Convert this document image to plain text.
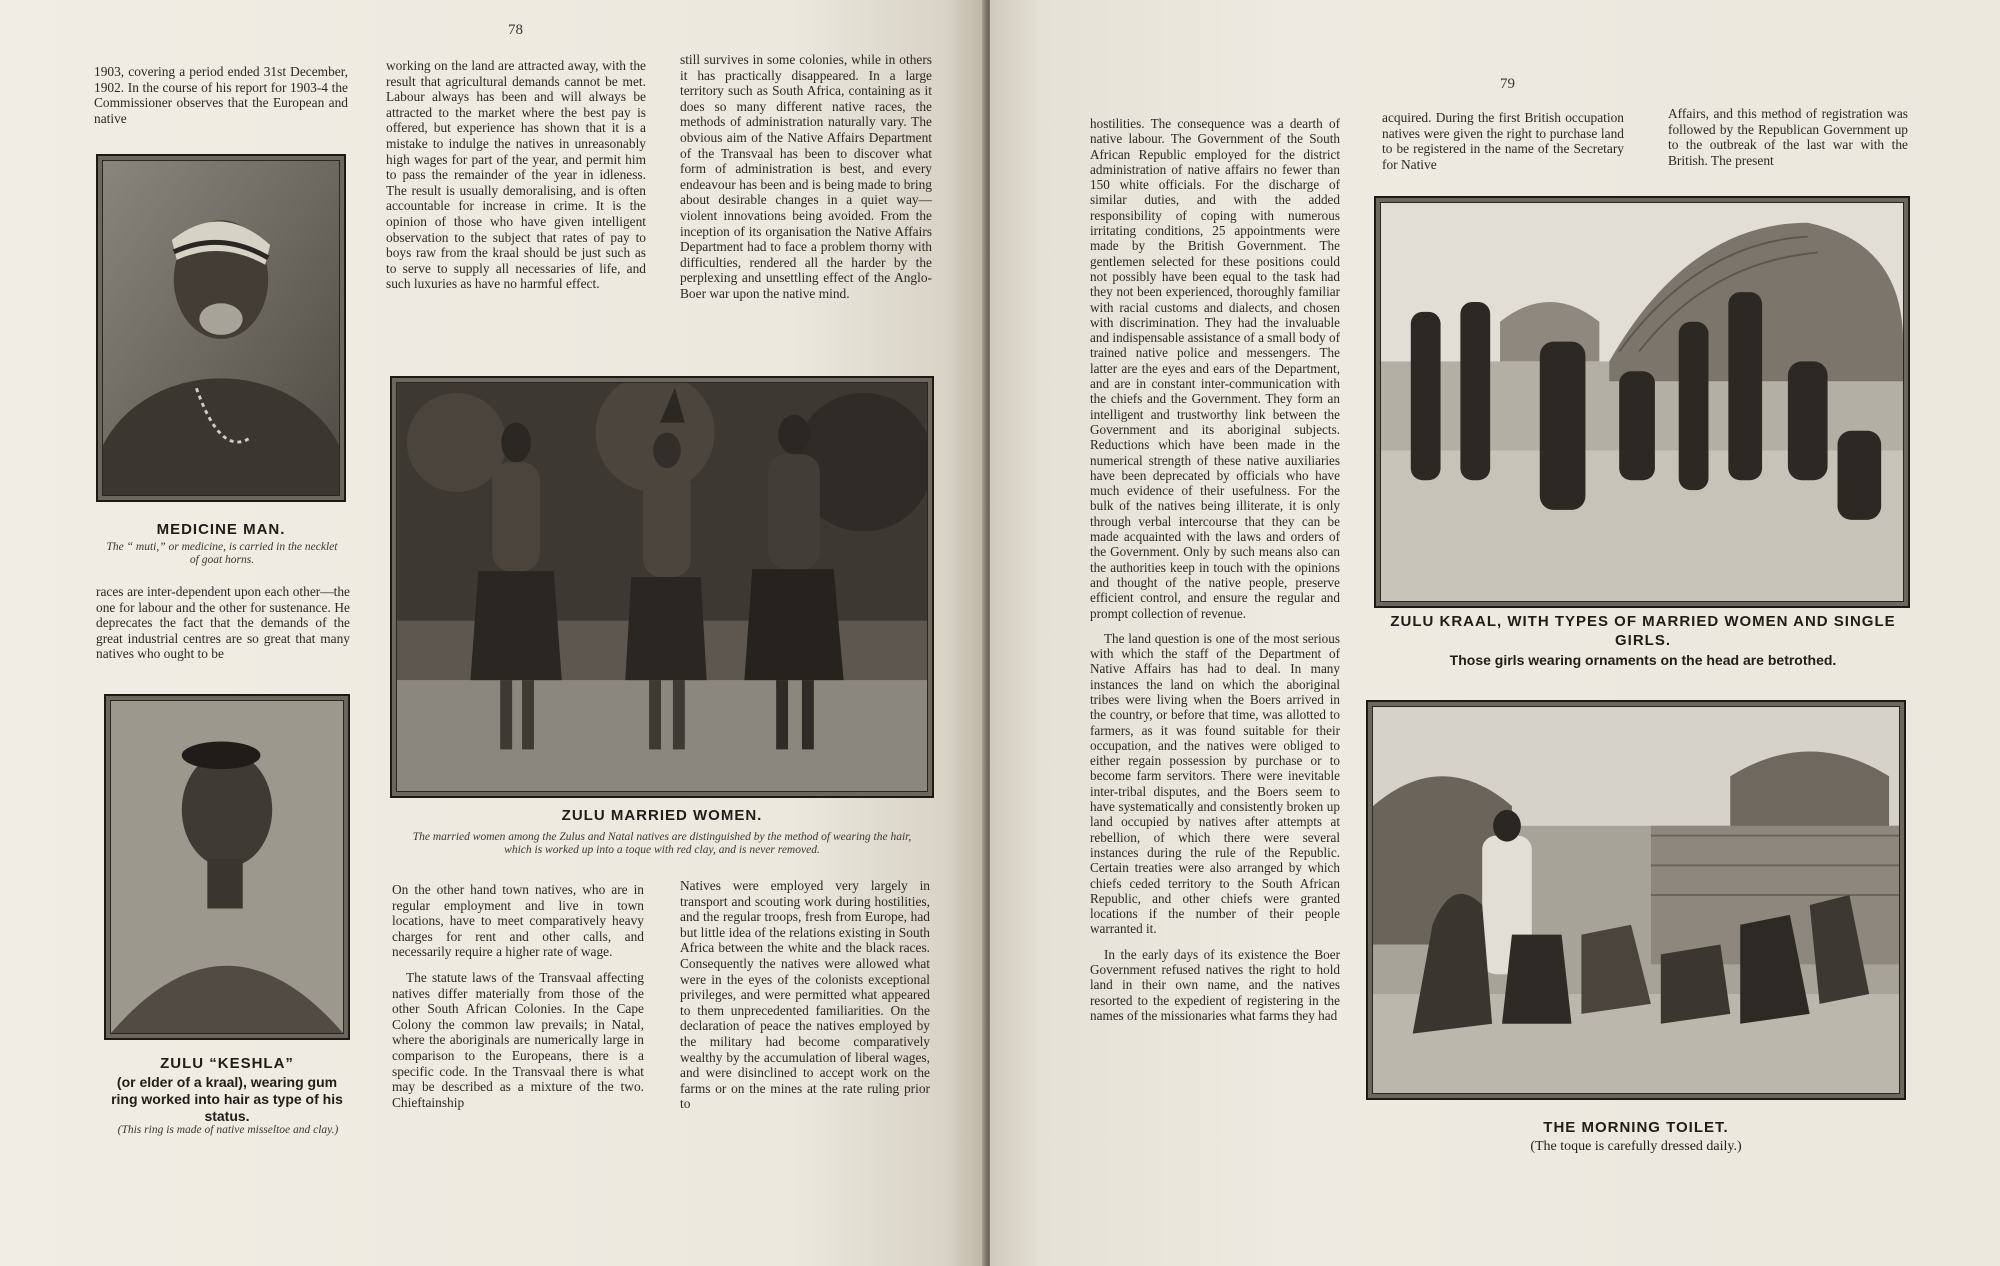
78

1903, covering a period ended 31st December, 1902. In the course of his report for 1903-4 the Commissioner observes that the European and native

MEDICINE MAN.
The “ muti,” or medicine, is carried in the necklet of goat horns.

races are inter-dependent upon each other—the one for labour and the other for sustenance. He deprecates the fact that the demands of the great industrial centres are so great that many natives who ought to be

ZULU “KESHLA”
(or elder of a kraal), wearing gum ring worked into hair as type of his status.
(This ring is made of native misseltoe and clay.)

working on the land are attracted away, with the result that agricultural demands cannot be met. Labour always has been and will always be attracted to the market where the best pay is offered, but experience has shown that it is a mistake to indulge the natives in unreasonably high wages for part of the year, and permit him to pass the remainder of the year in idleness. The result is usually demoralising, and is often accountable for increase in crime. It is the opinion of those who have given intelligent observation to the subject that rates of pay to boys raw from the kraal should be just such as to serve to supply all necessaries of life, and such luxuries as have no harmful effect.

still survives in some colonies, while in others it has practically disappeared. In a large territory such as South Africa, containing as it does so many different native races, the methods of administration naturally vary. The obvious aim of the Native Affairs Department of the Transvaal has been to discover what form of administration is best, and every endeavour has been and is being made to bring about desirable changes in a quiet way—violent innovations being avoided. From the inception of its organisation the Native Affairs Department had to face a problem thorny with difficulties, rendered all the harder by the perplexing and unsettling effect of the Anglo-Boer war upon the native mind.

ZULU MARRIED WOMEN.
The married women among the Zulus and Natal natives are distinguished by the method of wearing the hair, which is worked up into a toque with red clay, and is never removed.

On the other hand town natives, who are in regular employment and live in town locations, have to meet comparatively heavy charges for rent and other calls, and necessarily require a higher rate of wage.

The statute laws of the Transvaal affecting natives differ materially from those of the other South African Colonies. In the Cape Colony the common law prevails; in Natal, where the aboriginals are numerically large in comparison to the Europeans, there is a specific code. In the Transvaal there is what may be described as a mixture of the two. Chieftainship

Natives were employed very largely in transport and scouting work during hostilities, and the regular troops, fresh from Europe, had but little idea of the relations existing in South Africa between the white and the black races. Consequently the natives were allowed what were in the eyes of the colonists exceptional privileges, and were permitted what appeared to them unprecedented familiarities. On the declaration of peace the natives employed by the military had become comparatively wealthy by the accumulation of liberal wages, and were disinclined to accept work on the farms or on the mines at the rate ruling prior to

79

hostilities. The consequence was a dearth of native labour. The Government of the South African Republic employed for the district administration of native affairs no fewer than 150 white officials. For the discharge of similar duties, and with the added responsibility of coping with numerous irritating conditions, 25 appointments were made by the British Government. The gentlemen selected for these positions could not possibly have been equal to the task had they not been experienced, thoroughly familiar with racial customs and dialects, and chosen with discrimination. They had the invaluable and indispensable assistance of a small body of trained native police and messengers. The latter are the eyes and ears of the Department, and are in constant inter-communication with the chiefs and the Government. They form an intelligent and trustworthy link between the Government and its aboriginal subjects. Reductions which have been made in the numerical strength of these native auxiliaries have been deprecated by officials who have much evidence of their usefulness. For the bulk of the natives being illiterate, it is only through verbal intercourse that they can be made acquainted with the laws and orders of the Government. Only by such means also can the authorities keep in touch with the opinions and thought of the native people, preserve efficient control, and ensure the regular and prompt collection of revenue.

The land question is one of the most serious with which the staff of the Department of Native Affairs has had to deal. In many instances the land on which the aboriginal tribes were living when the Boers arrived in the country, or before that time, was allotted to farmers, as it was found suitable for their occupation, and the natives were obliged to either regain possession by purchase or to become farm servitors. There were inevitable inter-tribal disputes, and the Boers seem to have systematically and consistently broken up land occupied by natives after attempts at rebellion, of which there were several instances during the rule of the Republic. Certain treaties were also arranged by which chiefs ceded territory to the South African Republic, and other chiefs were granted locations if the number of their people warranted it.

In the early days of its existence the Boer Government refused natives the right to hold land in their own name, and the natives resorted to the expedient of registering in the names of the missionaries what farms they had

acquired. During the first British occupation natives were given the right to purchase land to be registered in the name of the Secretary for Native

Affairs, and this method of registration was followed by the Republican Government up to the outbreak of the last war with the British. The present

ZULU KRAAL, WITH TYPES OF MARRIED WOMEN AND SINGLE GIRLS.
Those girls wearing ornaments on the head are betrothed.
THE MORNING TOILET.
(The toque is carefully dressed daily.)
